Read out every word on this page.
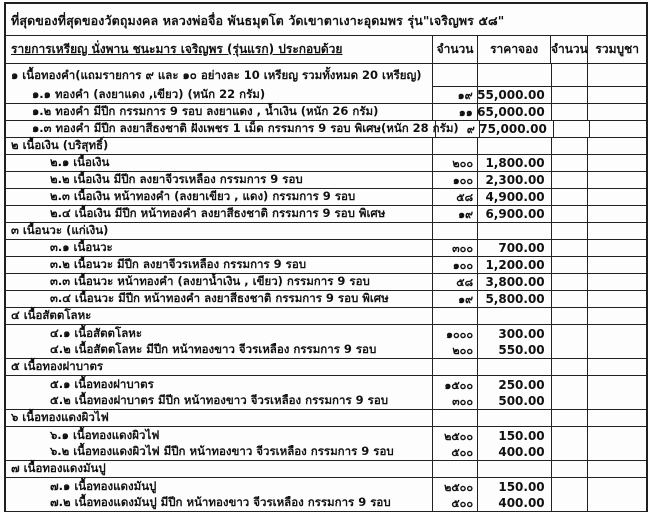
ที่สุดของที่สุดของวัตถุมงคล หลวงพ่อจื่อ พันธมุตโต วัดเขาตาเงาะอุดมพร รุ่น"เจริญพร ๕๘"
รายการเหรียญ นั่งพาน ชนะมาร เจริญพร (รุ่นแรก) ประกอบด้วย	จำนวน ราคาจอง จำนวน รวมบูชา
๑ เนื้อทองคำ(แถมรายการ ๙ และ ๑๐ อย่างละ 10 เหรียญ รวมทั้งหมด 20 เหรียญ)
๑.๑ ทองคำ (ลงยาแดง ,เขียว) (หนัก 22 กรัม)	๑๙ 55,000.00
๑.๒ ทองคำ มีปีก กรรมการ 9 รอบ ลงยาแดง , น้ำเงิน (หนัก 26 กรัม)	๑๑ 65,000.00
๑.๓ ทองคำ มีปีก ลงยาสีธงชาติ ฝังเพชร 1 เม็ด กรรมการ 9 รอบ พิเศษ(หนัก 28 กรัม) ๙ 75,000.00
๒ เนื้อเงิน (บริสุทธิ์)
๒.๑ เนื้อเงิน	๒๐๐	1,800.00
๒.๒ เนื้อเงิน มีปีก ลงยาจีวรเหลือง กรรมการ 9 รอบ	๑๐๐	2,300.00
๒.๓ เนื้อเงิน หน้าทองคำ (ลงยาเขียว , แดง) กรรมการ 9 รอบ	๕๘	4,900.00
๒.๔ เนื้อเงิน มีปีก หน้าทองคำ ลงยาสีธงชาติ กรรมการ 9 รอบ พิเศษ	๑๙	6,900.00
๓ เนื้อนวะ (แก่เงิน)
๓.๑ เนื้อนวะ	๓๐๐	700.00
๓.๒ เนื้อนวะ มีปีก ลงยาจีวรเหลือง กรรมการ 9 รอบ	๑๐๐	1,200.00
๓.๓ เนื้อนวะ หน้าทองคำ (ลงยาน้ำเงิน , เขียว) กรรมการ 9 รอบ	๕๘	3,800.00
๓.๔ เนื้อนวะ มีปีก หน้าทองคำ ลงยาสีธงชาติ กรรมการ 9 รอบ พิเศษ	๑๙	5,800.00
๔ เนื้อสัตตโลหะ
๔.๑ เนื้อสัตตโลหะ	๑๐๐๐	300.00
๔.๒ เนื้อสัตตโลหะ มีปีก หน้าทองขาว จีวรเหลือง กรรมการ 9 รอบ	๒๐๐	550.00
๕ เนื้อทองฝาบาตร
๕.๑ เนื้อทองฝาบาตร	๑๕๐๐	250.00
๕.๒ เนื้อทองฝาบาตร มีปีก หน้าทองขาว จีวรเหลือง กรรมการ 9 รอบ	๓๐๐	500.00
๖ เนื้อทองแดงผิวไฟ
๖.๑ เนื้อทองแดงผิวไฟ	๒๕๐๐	150.00
๖.๒ เนื้อทองแดงผิวไฟ มีปีก หน้าทองขาว จีวรเหลือง กรรมการ 9 รอบ	๕๐๐	400.00
๗ เนื้อทองแดงมันปู
๗.๑ เนื้อทองแดงมันปู	๒๕๐๐	150.00
๗.๒ เนื้อทองแดงมันปู มีปีก หน้าทองขาว จีวรเหลือง กรรมการ 9 รอบ	๕๐๐	400.00
